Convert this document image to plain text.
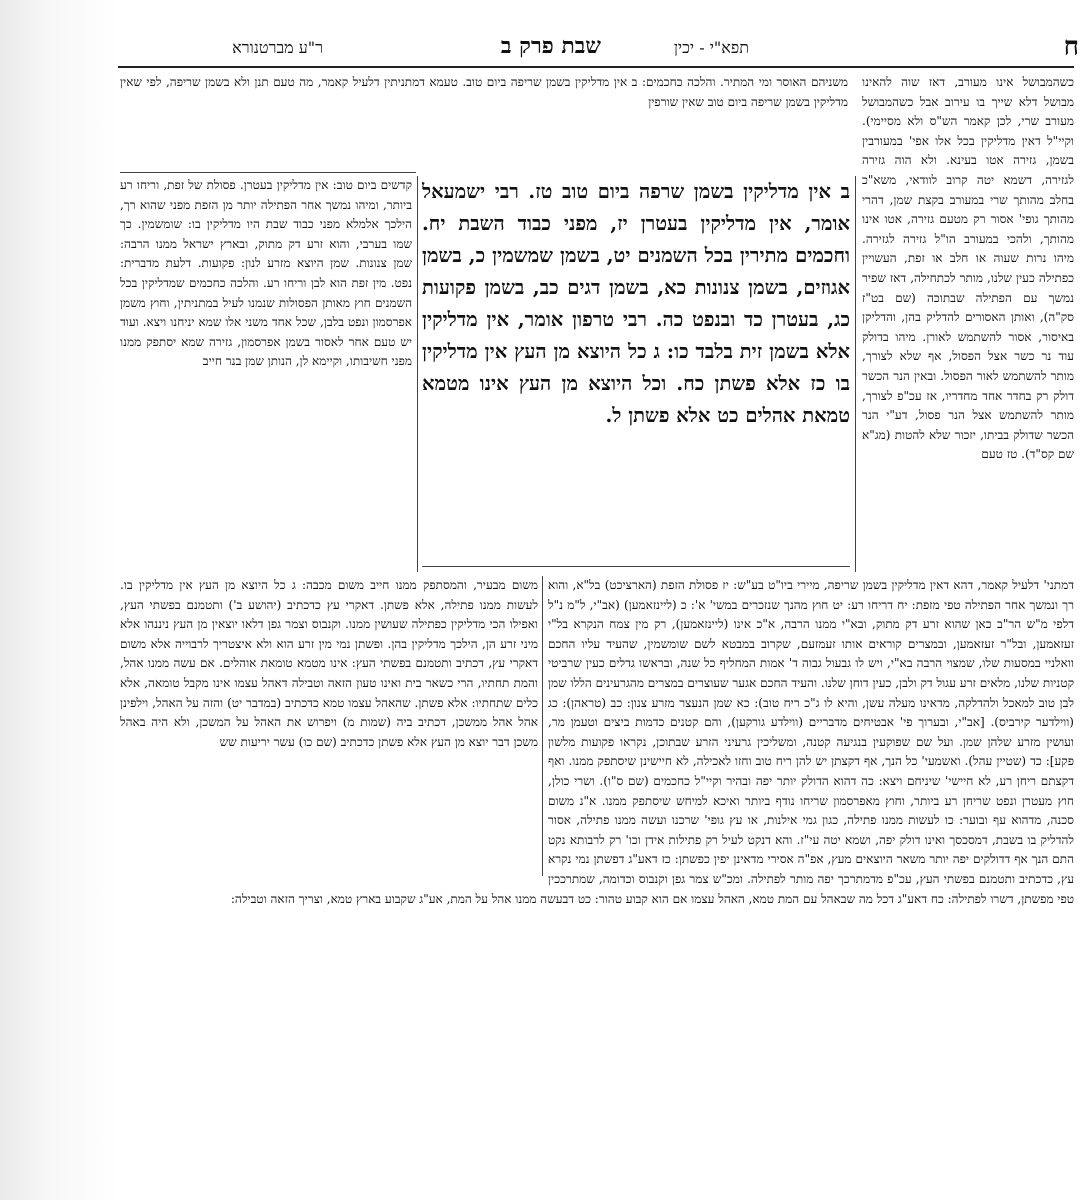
ח
תפא"י - יכין
שבת פרק ב
ר"ע מברטנורא

כשהמבושל אינו מעורב, דאז שוה להאינו מבושל דלא שייך בו עירוב אבל כשהמבושל מעורב שרי, לכן קאמר הש"ס ולא מסיימי). וקיי"ל דאין מדליקין בכל אלו אפי' במעורבין בשמן, גזירה אטו בעינא. ולא הוה גזירה לגזירה, דשמא יטה קרוב לוודאי, משא"כ בחלב מהותך שרי במעורב בקצת שמן, דהרי מהותך גופי' אסור רק מטעם גזירה, אטו אינו מהותך, ולהכי במעורב הו"ל גזירה לגזירה. מיהו נרות שעוה או חלב או זפת, העשויין כפתילה כעין שלנו, מותר לכתחילה, דאז שפיר נמשך עם הפתילה שבתוכה (שם בט"ז סק"ה), ואותן האסורים להדליק בהן, והדליקן באיסור, אסור להשתמש לאורן. מיהו בדולק עוד נר כשר אצל הפסול, אף שלא לצורך, מותר להשתמש לאור הפסול. ובאין הנר הכשר דולק רק בחדר אחד מחדריו, אז עכ"פ לצורך, מותר להשתמש אצל הנר פסול, דע"י הנר הכשר שדולק בביתו, יזכור שלא להטות (מג"א שם קס"ד). טז טעם

משניהם האוסר ומי המתיר. והלכה כחכמים: ב אין מדליקין בשמן שריפה ביום טוב. טעמא דמתניתין דלעיל קאמר, מה טעם תנן ולא בשמן שריפה, לפי שאין מדליקין בשמן שריפה ביום טוב שאין שורפין

ב אין מדליקין בשמן שרפה ביום טוב טז. רבי ישמעאל אומר, אין מדליקין בעטרן יז, מפני כבוד השבת יח. וחכמים מתירין בכל השמנים יט, בשמן שמשמין כ, בשמן אגוזים, בשמן צנונות כא, בשמן דגים כב, בשמן פקועות כג, בעטרן כד ובנפט כה. רבי טרפון אומר, אין מדליקין אלא בשמן זית בלבד כו: ג כל היוצא מן העץ אין מדליקין בו כז אלא פשתן כח. וכל היוצא מן העץ אינו מטמא טמאת אהלים כט אלא פשתן ל.

קדשים ביום טוב: אין מדליקין בעטרן. פסולת של זפת, וריחו רע ביותר, ומיהו נמשך אחר הפתילה יותר מן הזפת מפני שהוא רך, הילכך אלמלא מפני כבוד שבת היו מדליקין בו: שומשמין. כך שמו בערבי, והוא זרע דק מתוק, ובארץ ישראל ממנו הרבה: שמן צנונות. שמן היוצא מזרע לנון: פקועות. דלעת מדברית: נפט. מין זפת הוא לבן וריחו רע. והלכה כחכמים שמדליקין בכל השמנים חוץ מאותן הפסולות שנמנו לעיל במתניתין, וחוץ משמן אפרסמון ונפט בלבן, שכל אחד משני אלו שמא יניחנו ויצא. ועוד יש טעם אחר לאסור בשמן אפרסמון, גזירה שמא יסתפק ממנו מפני חשיבותו, וקיימא לן, הנותן שמן בנר חייב

משום מבעיר, והמסתפק ממנו חייב משום מכבה: ג כל היוצא מן העץ אין מדליקין בו. לעשות ממנו פתילה, אלא פשתן. דאקרי עץ כדכתיב (יהושע ב') ותטמנם בפשתי העץ, ואפילו הכי מדליקין כפתילה שעושין ממנו. וקנבוס וצמר גפן דלאו יוצאין מן העץ ניננהו אלא מיני זרע הן, הילכך מדליקין בהן. ופשתן נמי מין זרע הוא ולא איצטריך לרבוייה אלא משום דאקרי עץ, דכתיב ותטמנם בפשתי העץ: אינו מטמא טומאת אוהלים. אם עשה ממנו אהל, והמת תחתיו, הרי כשאר בית ואינו טעון הזאה וטבילה דאהל עצמו אינו מקבל טומאה, אלא כלים שתחתיו: אלא פשתן. שהאהל עצמו טמא כדכתיב (במדבר יט) והזה על האהל, וילפינן אהל אהל ממשכן, דכתיב ביה (שמות מ) ויפרוש את האהל על המשכן, ולא היה באהל משכן דבר יוצא מן העץ אלא פשתן כדכתיב (שם כו) עשר יריעות שש

דמתני' דלעיל קאמר, דהא דאין מדליקין בשמן שריפה, מיירי ביו"ט בע"ש: יז פסולת הזפת (הארציכט) בל"א, והוא רך ונמשך אחר הפתילה טפי מזפת: יח דריחו רע: יט חוץ מהנך שנזכרים במשי' א': כ (ליינזאמען) (אב"י, ל"מ נ"ל דלפי מ"ש הר"ב כאן שהוא זרע דק מתוק, ובא"י ממנו הרבה, א"כ אינו (ליינזאמען), רק מין צמח הנקרא בל"י זעזאמען, ובל"ר זעזאמען, ובמצרים קוראים אותו זעמזעם, שקרוב במבטא לשם שומשמין, שהעיד עליו החכם וואלניי במסעות שלו, שמצוי הרבה בא"י, ויש לו גבעול גבוה ד' אמות המחליף כל שנה, ובראשו גדלים כעין שרביטי קטניות שלנו, מלאים זרע עגול דק ולבן, כעין דוחן שלנו. והעיד החכם אגער שעוצרים במצרים מהגרעינים הללו שמן לבן טוב למאכל ולהדלקה, מדאינו מעלה עשן, והיא לו ג"כ ריח טוב): כא שמן הנעצר מזרע צנון: כב (טראהן): כג (ווילדער קירביס). [אב"י, ובערוך פי' אבטיחים מדבריים (ווילדע גורקען), והם קטנים כדמות ביצים וטעמן מר, ועושין מזרע שלהן שמן. ועל שם שפוקעין בנגיעה קטנה, ומשליכין גרעיני הזרע שבתוכן, נקראו פקועות מלשון פקע]: כד (שטיין עהל). ואשמעי' כל הנך, אף דקצתן יש להן ריח טוב וחזו לאכילה, לא חיישינן שיסתפק ממנו. ואף דקצתם ריחן רע, לא חיישי' שיניחם ויצא: כה דהוא הדולק יותר יפה ובהיר וקיי"ל כחכמים (שם ס"ו). ושרי כולן, חוץ מעטרן ונפט שריחן רע ביותר, וחוץ מאפרסמון שריחו נודף ביותר ואיכא למיחש שיסתפק ממנו. א"נ משום סכנה, מדהוא עף ובוער: כו לעשות ממנו פתילה, כגון גמי אילנות, או עץ גופי' שרכנו ועשה ממנו פתילה, אסור להדליק בו בשבת, דמסכסך ואינו דולק יפה, ושמא יטה עי"ז. והא דנקט לעיל רק פתילות אידן וכו' רק לרבותא נקט התם הנך אף דדולקים יפה יותר משאר היוצאים מעץ, אפ"ה אסירי מדאינן יפין כפשתן: כז דאע"ג דפשתן נמי נקרא עץ, כדכתיב ותטמנם בפשתי העץ, עכ"פ מדמתרכך יפה מותר לפתילה. ומכ"ש צמר גפן וקנבוס וכדומה, שמתרככין טפי מפשתן, דשרו לפתילה: כח דאע"ג דכל מה שבאהל עם המת טמא, האהל עצמו אם הוא קבוע טהור: כט דבעשה ממנו אהל על המת, אע"ג שקבוע בארץ טמא, וצריך הזאה וטבילה:
